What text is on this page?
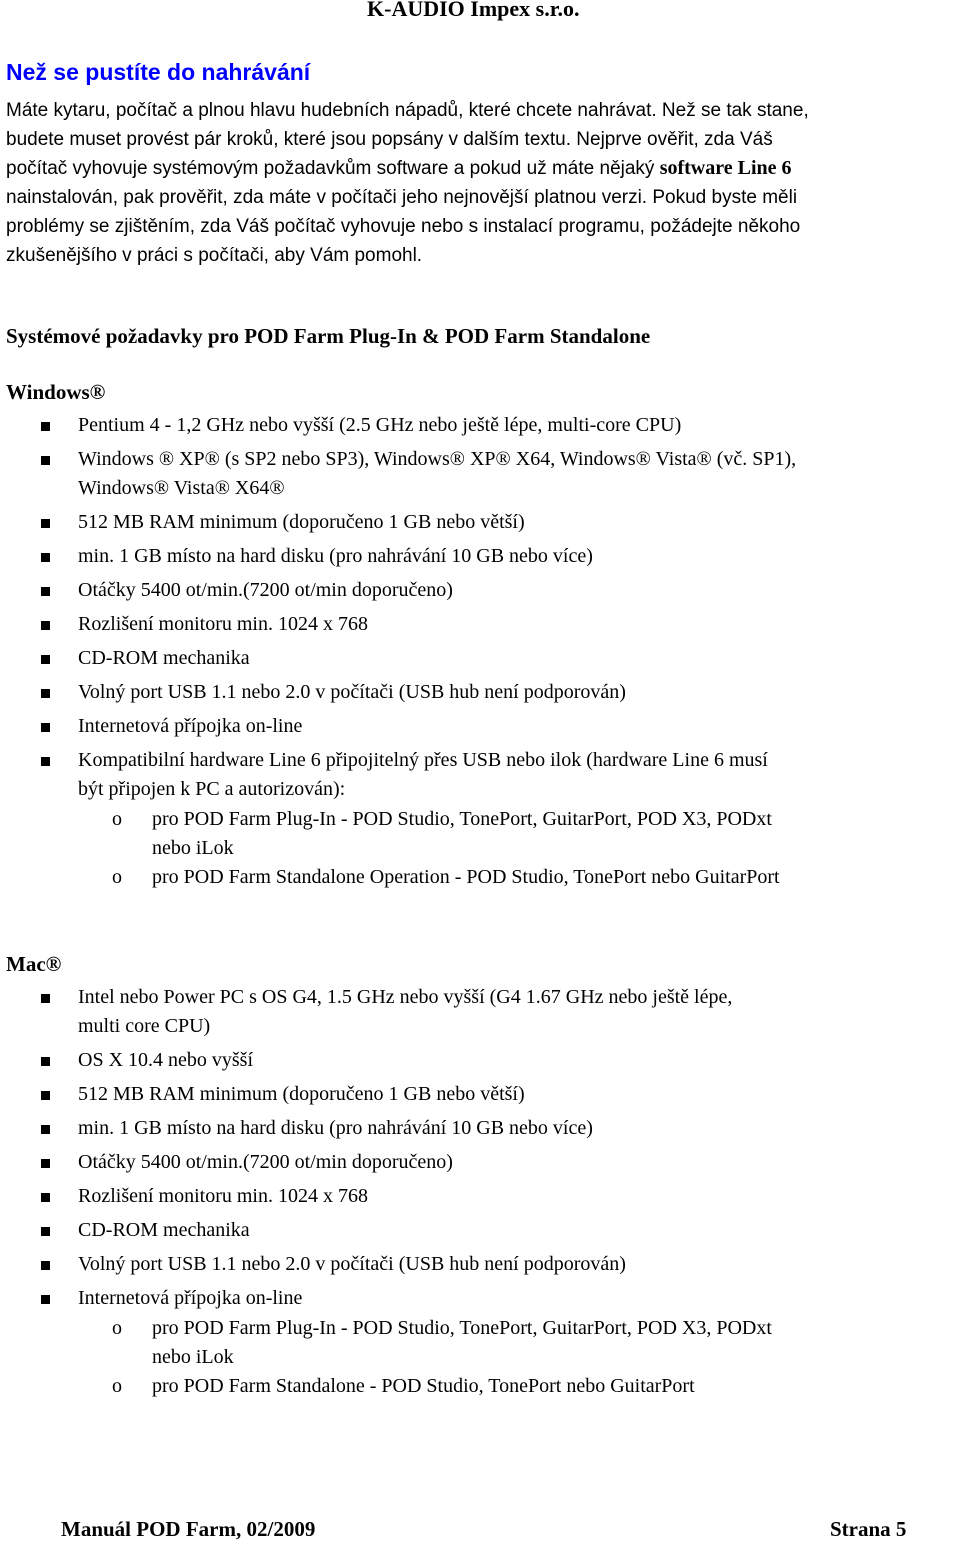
K-AUDIO Impex s.r.o.
Než se pustíte do nahrávání

Máte kytaru, počítač a plnou hlavu hudebních nápadů, které chcete nahrávat. Než se tak stane,

budete muset provést pár kroků, které jsou popsány v dalším textu. Nejprve ověřit, zda Váš

počítač vyhovuje systémovým požadavkům software a pokud už máte nějaký software Line 6

nainstalován, pak prověřit, zda máte v počítači jeho nejnovější platnou verzi. Pokud byste měli

problémy se zjištěním, zda Váš počítač vyhovuje nebo s instalací programu, požádejte někoho

zkušenějšího v práci s počítači, aby Vám pomohl.

Systémové požadavky pro POD Farm Plug-In & POD Farm Standalone
Windows®
Pentium 4 - 1,2 GHz nebo vyšší (2.5 GHz nebo ještě lépe, multi-core CPU)
Windows ® XP® (s SP2 nebo SP3), Windows® XP® X64, Windows® Vista® (vč. SP1),
Windows® Vista® X64®
512 MB RAM minimum (doporučeno 1 GB nebo větší)
min. 1 GB místo na hard disku (pro nahrávání 10 GB nebo více)
Otáčky 5400 ot/min.(7200 ot/min doporučeno)
Rozlišení monitoru min. 1024 x 768
CD-ROM mechanika
Volný port USB 1.1 nebo 2.0 v počítači (USB hub není podporován)
Internetová přípojka on-line
Kompatibilní hardware Line 6 připojitelný přes USB nebo ilok (hardware Line 6 musí
být připojen k PC a autorizován):
o pro POD Farm Plug-In - POD Studio, TonePort, GuitarPort, POD X3, PODxt
nebo iLok
o pro POD Farm Standalone Operation - POD Studio, TonePort nebo GuitarPort
Mac®
Intel nebo Power PC s OS G4, 1.5 GHz nebo vyšší (G4 1.67 GHz nebo ještě lépe,
multi core CPU)
OS X 10.4 nebo vyšší
512 MB RAM minimum (doporučeno 1 GB nebo větší)
min. 1 GB místo na hard disku (pro nahrávání 10 GB nebo více)
Otáčky 5400 ot/min.(7200 ot/min doporučeno)
Rozlišení monitoru min. 1024 x 768
CD-ROM mechanika
Volný port USB 1.1 nebo 2.0 v počítači (USB hub není podporován)
Internetová přípojka on-line
o pro POD Farm Plug-In - POD Studio, TonePort, GuitarPort, POD X3, PODxt
nebo iLok
o pro POD Farm Standalone - POD Studio, TonePort nebo GuitarPort
Manuál POD Farm, 02/2009	Strana 5
